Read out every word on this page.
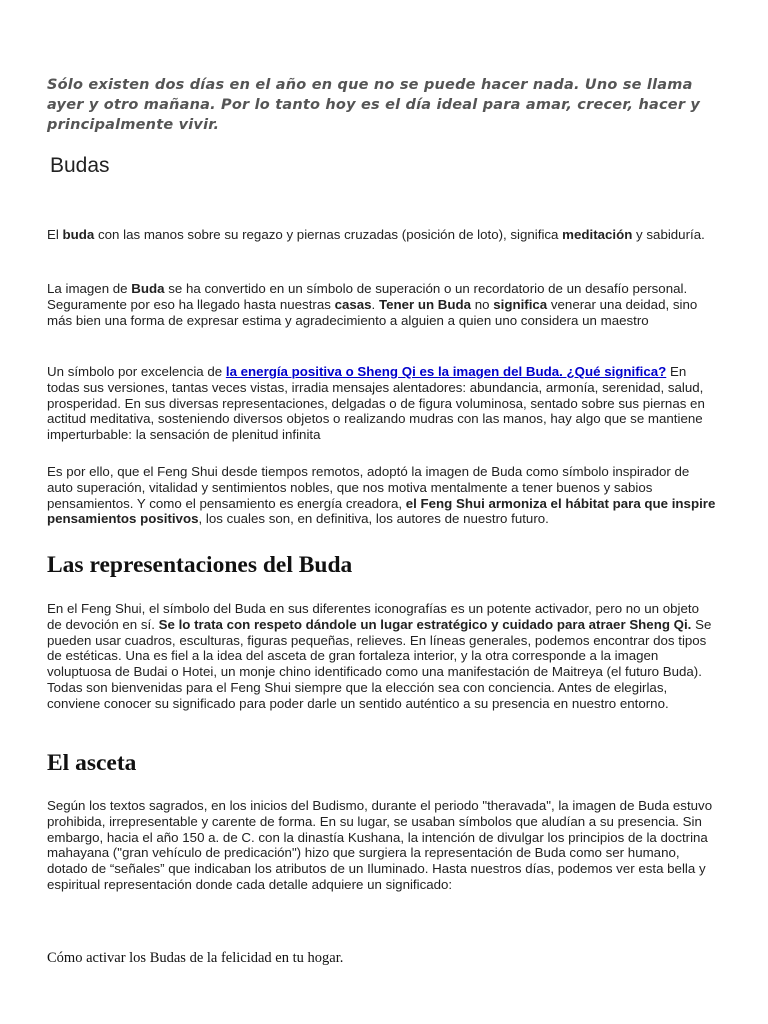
Sólo existen dos días en el año en que no se puede hacer nada. Uno se llama ayer y otro mañana. Por lo tanto hoy es el día ideal para amar, crecer, hacer y principalmente vivir.
Budas
El buda con las manos sobre su regazo y piernas cruzadas (posición de loto), significa meditación y sabiduría.
La imagen de Buda se ha convertido en un símbolo de superación o un recordatorio de un desafío personal. Seguramente por eso ha llegado hasta nuestras casas. Tener un Buda no significa venerar una deidad, sino más bien una forma de expresar estima y agradecimiento a alguien a quien uno considera un maestro
Un símbolo por excelencia de la energía positiva o Sheng Qi es la imagen del Buda. ¿Qué significa? En todas sus versiones, tantas veces vistas, irradia mensajes alentadores: abundancia, armonía, serenidad, salud, prosperidad. En sus diversas representaciones, delgadas o de figura voluminosa, sentado sobre sus piernas en actitud meditativa, sosteniendo diversos objetos o realizando mudras con las manos, hay algo que se mantiene imperturbable: la sensación de plenitud infinita
Es por ello, que el Feng Shui desde tiempos remotos, adoptó la imagen de Buda como símbolo inspirador de auto superación, vitalidad y sentimientos nobles, que nos motiva mentalmente a tener buenos y sabios pensamientos. Y como el pensamiento es energía creadora, el Feng Shui armoniza el hábitat para que inspire pensamientos positivos, los cuales son, en definitiva, los autores de nuestro futuro.
Las representaciones del Buda
En el Feng Shui, el símbolo del Buda en sus diferentes iconografías es un potente activador, pero no un objeto de devoción en sí. Se lo trata con respeto dándole un lugar estratégico y cuidado para atraer Sheng Qi. Se pueden usar cuadros, esculturas, figuras pequeñas, relieves. En líneas generales, podemos encontrar dos tipos de estéticas. Una es fiel a la idea del asceta de gran fortaleza interior, y la otra corresponde a la imagen voluptuosa de Budai o Hotei, un monje chino identificado como una manifestación de Maitreya (el futuro Buda). Todas son bienvenidas para el Feng Shui siempre que la elección sea con conciencia. Antes de elegirlas, conviene conocer su significado para poder darle un sentido auténtico a su presencia en nuestro entorno.
El asceta
Según los textos sagrados, en los inicios del Budismo, durante el periodo "theravada", la imagen de Buda estuvo prohibida, irrepresentable y carente de forma. En su lugar, se usaban símbolos que aludían a su presencia. Sin embargo, hacia el año 150 a. de C. con la dinastía Kushana, la intención de divulgar los principios de la doctrina mahayana ("gran vehículo de predicación") hizo que surgiera la representación de Buda como ser humano, dotado de “señales” que indicaban los atributos de un Iluminado. Hasta nuestros días, podemos ver esta bella y espiritual representación donde cada detalle adquiere un significado:
Cómo activar los Budas de la felicidad en tu hogar.
